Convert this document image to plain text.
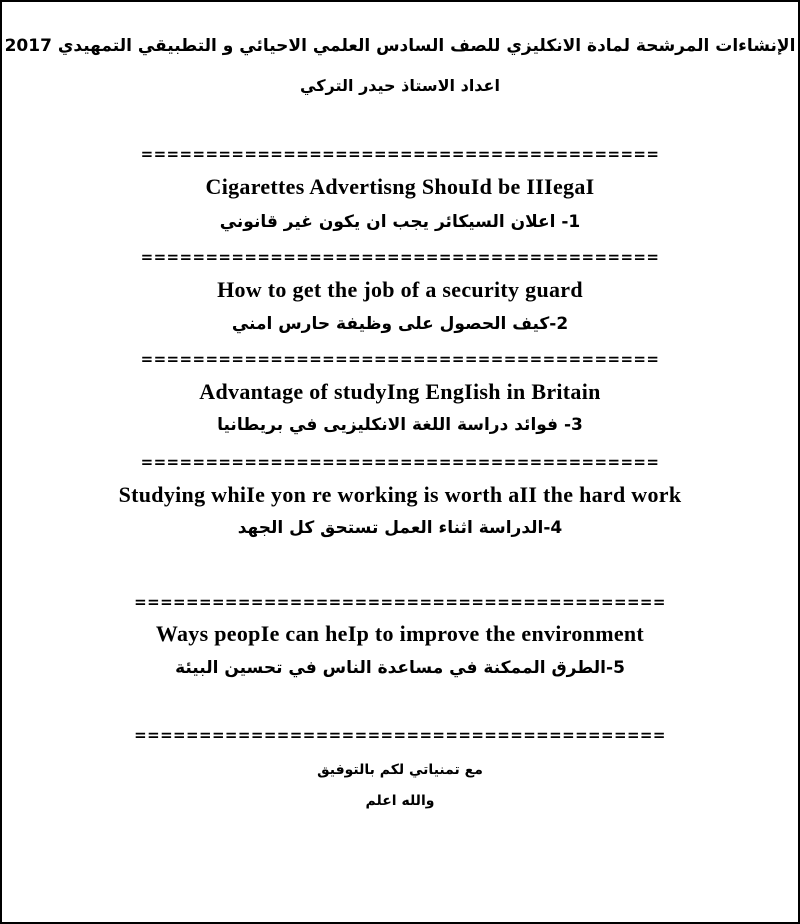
الإنشاءات المرشحة لمادة الانكليزي للصف السادس العلمي الاحيائي و التطبيقي التمهيدي 2017
اعداد الاستاذ حيدر التركي
========================================
Cigarettes Advertisng ShouId be IIIegaI
1- اعلان السيكائر يجب ان يكون غير قانوني
========================================
How to get the job of a security guard
2-كيف الحصول على وظيفة حارس امني
========================================
Advantage of studyIng EngIish in Britain
3- فوائد دراسة اللغة الانكليزيى في بريطانيا
========================================
Studying whiIe yon re working is worth aII the hard work
4-الدراسة اثناء العمل تستحق كل الجهد
=========================================
Ways peopIe can heIp to improve the environment
5-الطرق الممكنة في مساعدة الناس في تحسين البيئة
=========================================
مع تمنياتي لكم بالتوفيق
والله اعلم
